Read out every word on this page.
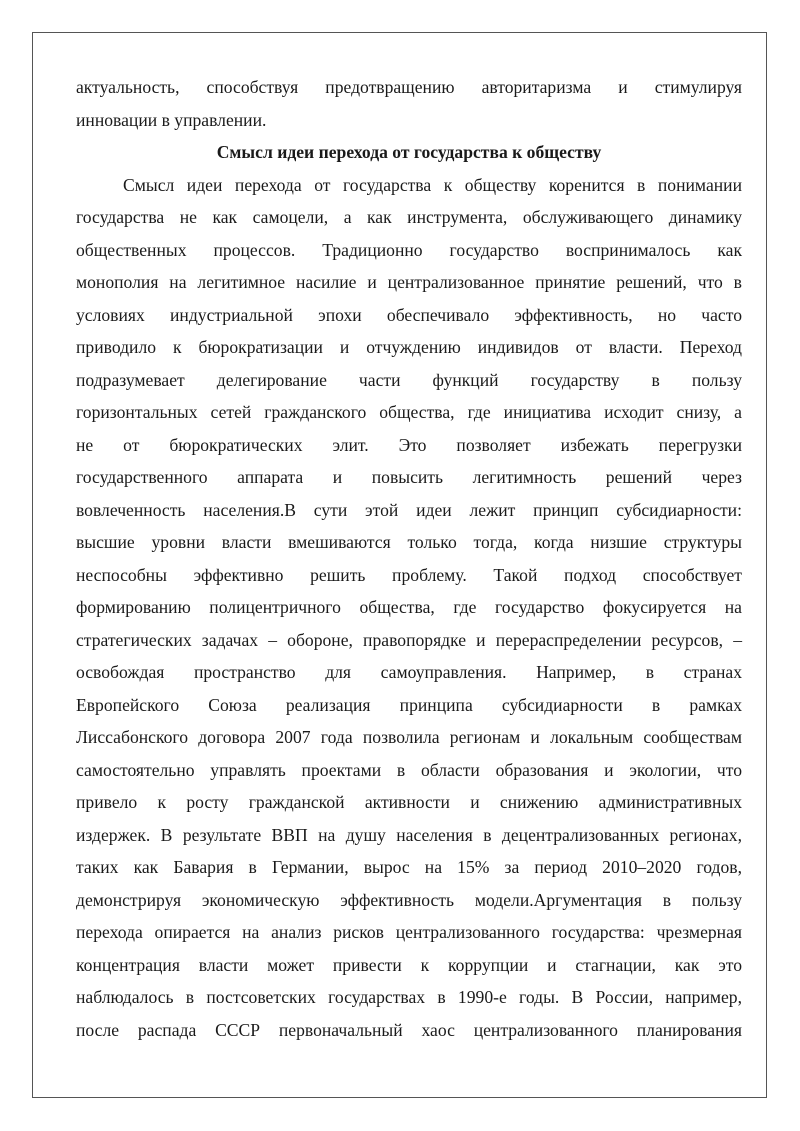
актуальность, способствуя предотвращению авторитаризма и стимулируя
инновации в управлении.
Смысл идеи перехода от государства к обществу
Смысл идеи перехода от государства к обществу коренится в понимании
государства не как самоцели, а как инструмента, обслуживающего динамику
общественных процессов. Традиционно государство воспринималось как
монополия на легитимное насилие и централизованное принятие решений, что в
условиях индустриальной эпохи обеспечивало эффективность, но часто
приводило к бюрократизации и отчуждению индивидов от власти. Переход
подразумевает делегирование части функций государству в пользу
горизонтальных сетей гражданского общества, где инициатива исходит снизу, а
не от бюрократических элит. Это позволяет избежать перегрузки
государственного аппарата и повысить легитимность решений через
вовлеченность населения.В сути этой идеи лежит принцип субсидиарности:
высшие уровни власти вмешиваются только тогда, когда низшие структуры
неспособны эффективно решить проблему. Такой подход способствует
формированию полицентричного общества, где государство фокусируется на
стратегических задачах – обороне, правопорядке и перераспределении ресурсов, –
освобождая пространство для самоуправления. Например, в странах
Европейского Союза реализация принципа субсидиарности в рамках
Лиссабонского договора 2007 года позволила регионам и локальным сообществам
самостоятельно управлять проектами в области образования и экологии, что
привело к росту гражданской активности и снижению административных
издержек. В результате ВВП на душу населения в децентрализованных регионах,
таких как Бавария в Германии, вырос на 15% за период 2010–2020 годов,
демонстрируя экономическую эффективность модели.Аргументация в пользу
перехода опирается на анализ рисков централизованного государства: чрезмерная
концентрация власти может привести к коррупции и стагнации, как это
наблюдалось в постсоветских государствах в 1990-е годы. В России, например,
после распада СССР первоначальный хаос централизованного планирования
